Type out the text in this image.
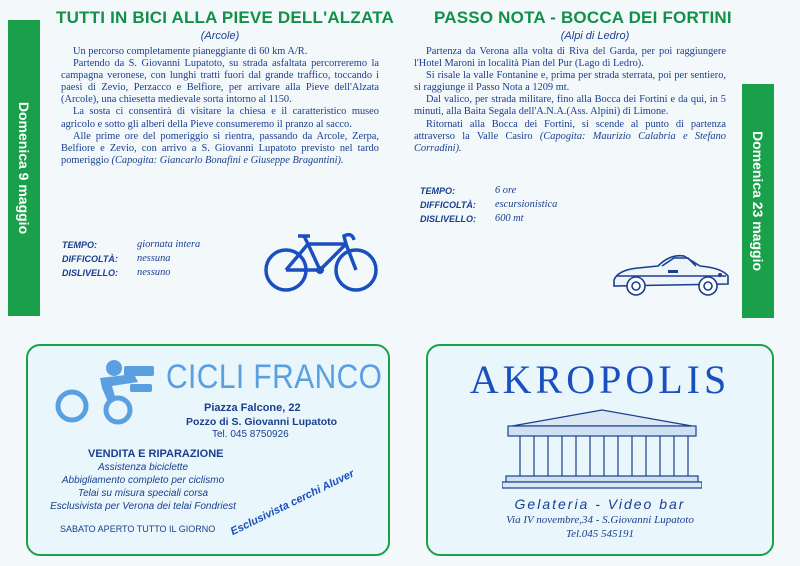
Domenica 9 maggio
TUTTI IN BICI ALLA PIEVE DELL'ALZATA
(Arcole)

Un percorso completamente pianeggiante di 60 km A/R.

Partendo da S. Giovanni Lupatoto, su strada asfaltata percorreremo la campagna veronese, con lunghi tratti fuori dal grande traffico, toccando i paesi di Zevio, Perzacco e Belfiore, per arrivare alla Pieve dell'Alzata (Arcole), una chiesetta medievale sorta intorno al 1150.

La sosta ci consentirà di visitare la chiesa e il caratteristico museo agricolo e sotto gli alberi della Pieve consumeremo il pranzo al sacco.

Alle prime ore del pomeriggio si rientra, passando da Arcole, Zerpa, Belfiore e Zevio, con arrivo a S. Giovanni Lupatoto previsto nel tardo pomeriggio (Capogita: Giancarlo Bonafini e Giuseppe Bragantini).

TEMPO:	giornata intera
DIFFICOLTÀ:	nessuna
DISLIVELLO:	nessuno
CICLI FRANCO
Piazza Falcone, 22
Pozzo di S. Giovanni Lupatoto
Tel. 045 8750926
VENDITA E RIPARAZIONE
Assistenza biciclette
Abbigliamento completo per ciclismo
Telai su misura speciali corsa
Esclusivista per Verona dei telai Fondriest
SABATO APERTO TUTTO IL GIORNO Esclusivista cerchi Aluver
Domenica 23 maggio
PASSO NOTA - BOCCA DEI FORTINI
(Alpi di Ledro)

Partenza da Verona alla volta di Riva del Garda, per poi raggiungere l'Hotel Maroni in località Pian del Pur (Lago di Ledro).

Si risale la valle Fontanine e, prima per strada sterrata, poi per sentiero, si raggiunge il Passo Nota a 1209 mt.

Dal valico, per strada militare, fino alla Bocca dei Fortini e da qui, in 5 minuti, alla Baita Segala dell'A.N.A.(Ass. Alpini) di Limone.

Ritornati alla Bocca dei Fortini, si scende al punto di partenza attraverso la Valle Casiro (Capogita: Maurizio Calabria e Stefano Corradini).

TEMPO:	6 ore
DIFFICOLTÀ:	escursionistica
DISLIVELLO:	600 mt
AKROPOLIS
Gelateria - Video bar
Via IV novembre,34 - S.Giovanni Lupatoto
Tel.045 545191
